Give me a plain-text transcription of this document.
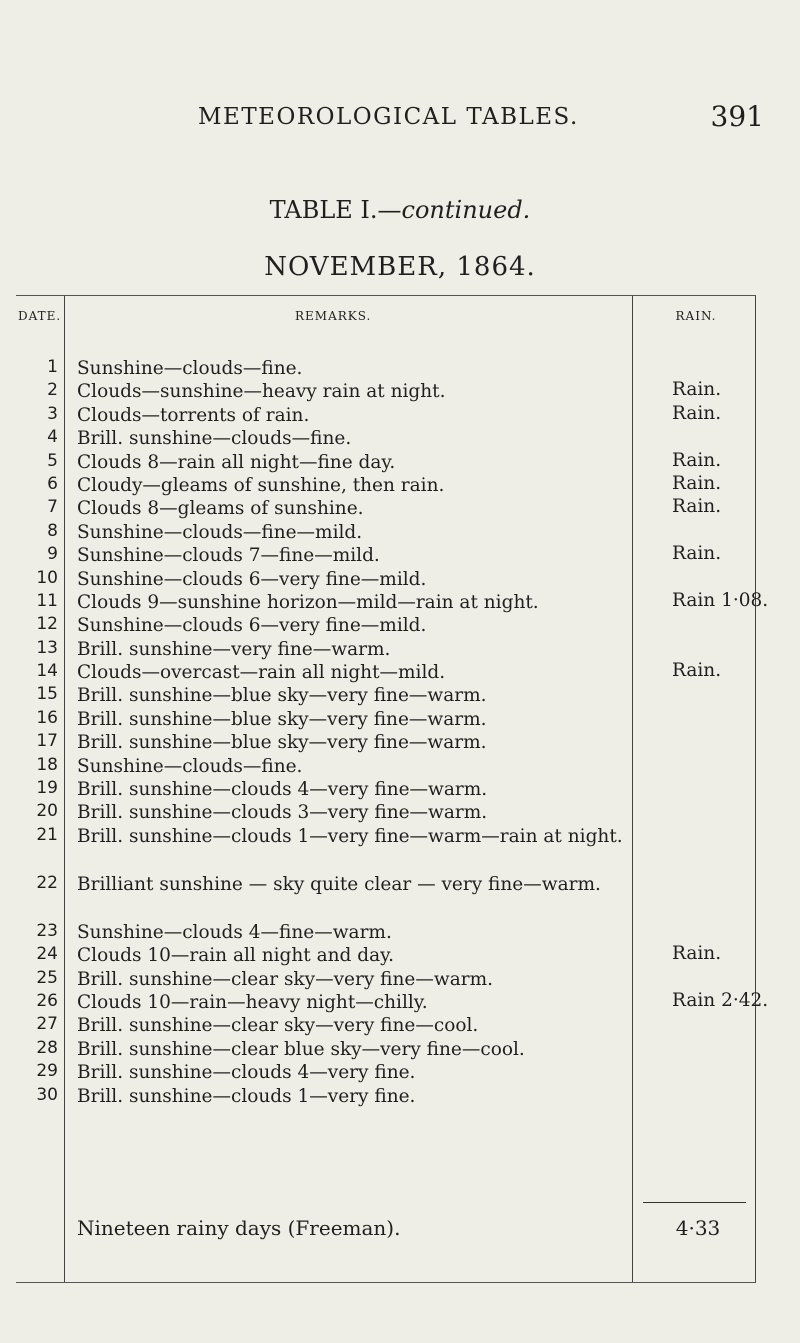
METEOROLOGICAL TABLES.	391
TABLE I.—continued.
NOVEMBER, 1864.
DATE.	REMARKS.	RAIN.
1 Sunshine—clouds—fine.
2 Clouds—sunshine—heavy rain at night.	Rain.
3 Clouds—torrents of rain.	Rain.
4 Brill. sunshine—clouds—fine.
5 Clouds 8—rain all night—fine day.	Rain.
6 Cloudy—gleams of sunshine, then rain.	Rain.
7 Clouds 8—gleams of sunshine.	Rain.
8 Sunshine—clouds—fine—mild.
9 Sunshine—clouds 7—fine—mild.	Rain.
10 Sunshine—clouds 6—very fine—mild.
11 Clouds 9—sunshine horizon—mild—rain at night.	Rain 1·08.
12 Sunshine—clouds 6—very fine—mild.
13 Brill. sunshine—very fine—warm.
14 Clouds—overcast—rain all night—mild.	Rain.
15 Brill. sunshine—blue sky—very fine—warm.
16 Brill. sunshine—blue sky—very fine—warm.
17 Brill. sunshine—blue sky—very fine—warm.
18 Sunshine—clouds—fine.
19 Brill. sunshine—clouds 4—very fine—warm.
20 Brill. sunshine—clouds 3—very fine—warm.
21 Brill. sunshine—clouds 1—very fine—warm—rain at night.
22 Brilliant sunshine — sky quite clear — very fine—warm.
23 Sunshine—clouds 4—fine—warm.
24 Clouds 10—rain all night and day.	Rain.
25 Brill. sunshine—clear sky—very fine—warm.
26 Clouds 10—rain—heavy night—chilly.	Rain 2·42.
27 Brill. sunshine—clear sky—very fine—cool.
28 Brill. sunshine—clear blue sky—very fine—cool.
29 Brill. sunshine—clouds 4—very fine.
30 Brill. sunshine—clouds 1—very fine.
Nineteen rainy days (Freeman).	4·33
